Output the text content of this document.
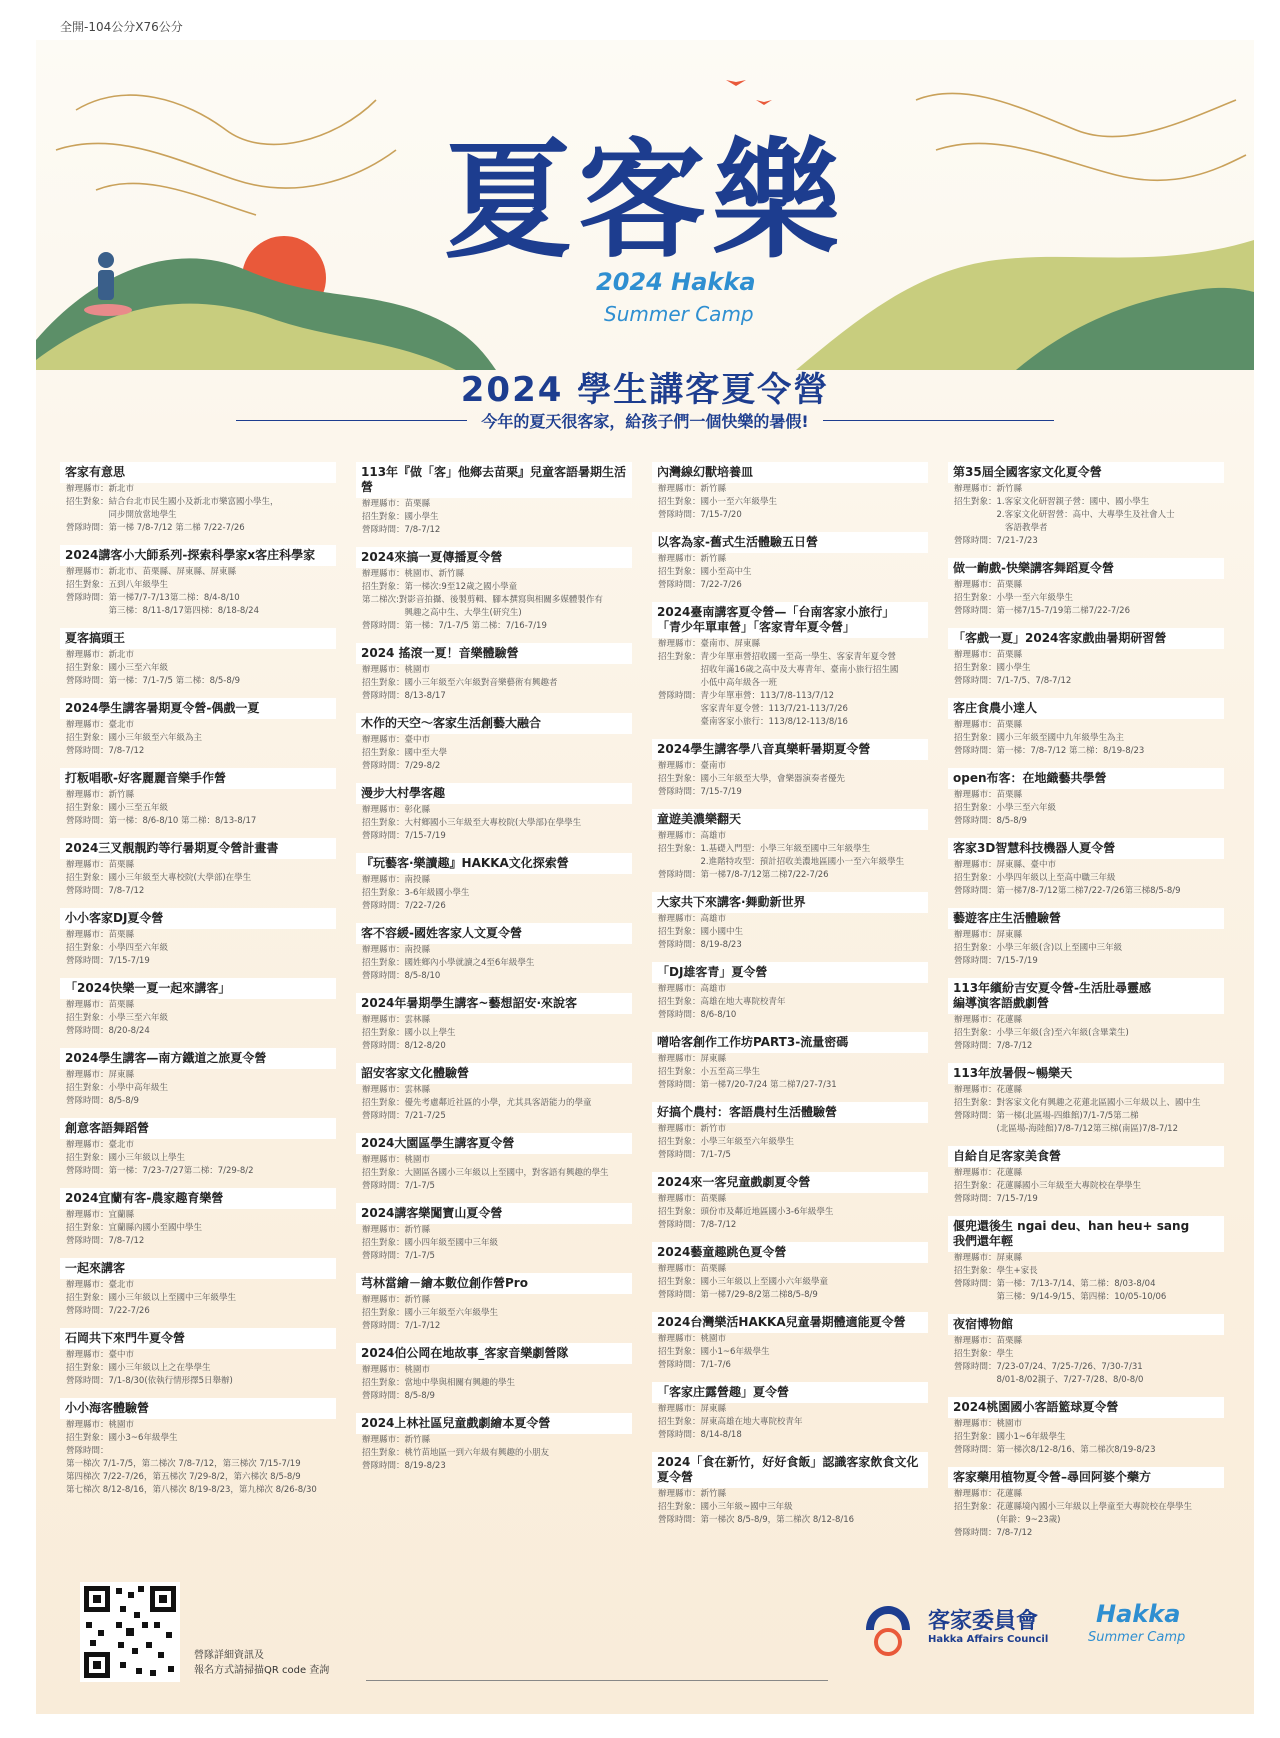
全開-104公分X76公分
夏客樂
2024 Hakka
Summer Camp
2024 學生講客夏令營
今年的夏天很客家，給孩子們一個快樂的暑假!
客家有意思
辦理縣市：新北市
招生對象：結合台北市民生國小及新北市樂富國小學生，
　　　　　同步開放當地學生
營隊時間：第一梯 7/8-7/12 第二梯 7/22-7/26
2024講客小大師系列-探索科學家x客庄科學家
辦理縣市：新北市、苗栗縣、屏東縣、屏東縣
招生對象：五到八年級學生
營隊時間：第一梯7/7-7/13第二梯：8/4-8/10
　　　　　第三梯：8/11-8/17第四梯：8/18-8/24
夏客搞頭王
辦理縣市：新北市
招生對象：國小三至六年級
營隊時間：第一梯：7/1-7/5 第二梯：8/5-8/9
2024學生講客暑期夏令營-偶戲一夏
辦理縣市：臺北市
招生對象：國小三年級至六年級為主
營隊時間：7/8-7/12
打粄唱歌-好客麗麗音樂手作營
辦理縣市：新竹縣
招生對象：國小三至五年級
營隊時間：第一梯：8/6-8/10 第二梯：8/13-8/17
2024三叉靚靚趵等行暑期夏令營計畫書
辦理縣市：苗栗縣
招生對象：國小三年級至大專校院(大學部)在學生
營隊時間：7/8-7/12
小小客家DJ夏令營
辦理縣市：苗栗縣
招生對象：小學四至六年級
營隊時間：7/15-7/19
「2024快樂一夏一起來講客」
辦理縣市：苗栗縣
招生對象：小學三至六年級
營隊時間：8/20-8/24
2024學生講客—南方鐵道之旅夏令營
辦理縣市：屏東縣
招生對象：小學中高年級生
營隊時間：8/5-8/9
創意客語舞蹈營
辦理縣市：臺北市
招生對象：國小三年級以上學生
營隊時間：第一梯：7/23-7/27第二梯：7/29-8/2
2024宜蘭有客-農家趣育樂營
辦理縣市：宜蘭縣
招生對象：宜蘭縣內國小至國中學生
營隊時間：7/8-7/12
一起來講客
辦理縣市：臺北市
招生對象：國小三年級以上至國中三年級學生
營隊時間：7/22-7/26
石岡共下來門牛夏令營
辦理縣市：臺中市
招生對象：國小三年級以上之在學學生
營隊時間：7/1-8/30(依執行情形擇5日舉辦)
小小海客體驗營
辦理縣市：桃園市
招生對象：國小3~6年級學生
營隊時間：
第一梯次 7/1-7/5，第二梯次 7/8-7/12，第三梯次 7/15-7/19
第四梯次 7/22-7/26，第五梯次 7/29-8/2，第六梯次 8/5-8/9
第七梯次 8/12-8/16，第八梯次 8/19-8/23，第九梯次 8/26-8/30
113年『做「客」他鄉去苗栗』兒童客語暑期生活營
辦理縣市：苗栗縣
招生對象：國小學生
營隊時間：7/8-7/12
2024來搞一夏傳播夏令營
辦理縣市：桃園市、新竹縣
招生對象：第一梯次:9至12歲之國小學童
第二梯次:對影音拍攝、後製剪輯、腳本撰寫與相關多媒體製作有
　　　　　興趣之高中生、大學生(研究生)
營隊時間：第一梯：7/1-7/5 第二梯：7/16-7/19
2024 搖滾一夏！音樂體驗營
辦理縣市：桃園市
招生對象：國小三年級至六年級對音樂藝術有興趣者
營隊時間：8/13-8/17
木作的天空～客家生活創藝大融合
辦理縣市：臺中市
招生對象：國中至大學
營隊時間：7/29-8/2
漫步大村學客趣
辦理縣市：彰化縣
招生對象：大村鄉國小三年級至大專校院(大學部)在學學生
營隊時間：7/15-7/19
『玩藝客·樂讀趣』HAKKA文化探索營
辦理縣市：南投縣
招生對象：3-6年級國小學生
營隊時間：7/22-7/26
客不容緩-國姓客家人文夏令營
辦理縣市：南投縣
招生對象：國姓鄉內小學就讀之4至6年級學生
營隊時間：8/5-8/10
2024年暑期學生講客~藝想詔安·來說客
辦理縣市：雲林縣
招生對象：國小以上學生
營隊時間：8/12-8/20
詔安客家文化體驗營
辦理縣市：雲林縣
招生對象：優先考慮鄰近社區的小學，尤其具客語能力的學童
營隊時間：7/21-7/25
2024大園區學生講客夏令營
辦理縣市：桃園市
招生對象：大園區各國小三年級以上至國中，對客語有興趣的學生
營隊時間：7/1-7/5
2024講客樂闖寶山夏令營
辦理縣市：新竹縣
招生對象：國小四年級至國中三年級
營隊時間：7/1-7/5
芎林當繪－繪本數位創作營Pro
辦理縣市：新竹縣
招生對象：國小三年級至六年級學生
營隊時間：7/1-7/12
2024伯公岡在地故事_客家音樂劇營隊
辦理縣市：桃園市
招生對象：當地中學與相關有興趣的學生
營隊時間：8/5-8/9
2024上林社區兒童戲劇繪本夏令營
辦理縣市：新竹縣
招生對象：桃竹苗地區一到六年級有興趣的小朋友
營隊時間：8/19-8/23
內灣線幻獸培養皿
辦理縣市：新竹縣
招生對象：國小一至六年級學生
營隊時間：7/15-7/20
以客為家-舊式生活體驗五日營
辦理縣市：新竹縣
招生對象：國小至高中生
營隊時間：7/22-7/26
2024臺南講客夏令營—「台南客家小旅行」
「青少年單車營」「客家青年夏令營」
辦理縣市：臺南市、屏東縣
招生對象：青少年單車營招收國一至高一學生、客家青年夏令營
　　　　　招收年滿16歲之高中及大專青年、臺南小旅行招生國
　　　　　小低中高年級各一班
營隊時間：青少年單車營：113/7/8-113/7/12
　　　　　客家青年夏令營：113/7/21-113/7/26
　　　　　臺南客家小旅行：113/8/12-113/8/16
2024學生講客學八音真樂軒暑期夏令營
辦理縣市：臺南市
招生對象：國小三年級至大學，會樂器演奏者優先
營隊時間：7/15-7/19
童遊美濃樂翻天
辦理縣市：高雄市
招生對象：1.基礎入門型：小學三年級至國中三年級學生
　　　　　2.進階特攻型：預計招收美濃地區國小一至六年級學生
營隊時間：第一梯7/8-7/12第二梯7/22-7/26
大家共下來講客·舞動新世界
辦理縣市：高雄市
招生對象：國小國中生
營隊時間：8/19-8/23
「DJ雄客青」夏令營
辦理縣市：高雄市
招生對象：高雄在地大專院校青年
營隊時間：8/6-8/10
噌哈客創作工作坊PART3-流量密碼
辦理縣市：屏東縣
招生對象：小五至高三學生
營隊時間：第一梯7/20-7/24 第二梯7/27-7/31
好搞个農村：客語農村生活體驗營
辦理縣市：新竹市
招生對象：小學三年級至六年級學生
營隊時間：7/1-7/5
2024來一客兒童戲劇夏令營
辦理縣市：苗栗縣
招生對象：頭份市及鄰近地區國小3-6年級學生
營隊時間：7/8-7/12
2024藝童趣跳色夏令營
辦理縣市：苗栗縣
招生對象：國小三年級以上至國小六年級學童
營隊時間：第一梯7/29-8/2第二梯8/5-8/9
2024台灣樂活HAKKA兒童暑期體適能夏令營
辦理縣市：桃園市
招生對象：國小1~6年級學生
營隊時間：7/1-7/6
「客家庄露營趣」夏令營
辦理縣市：屏東縣
招生對象：屏東高雄在地大專院校青年
營隊時間：8/14-8/18
2024「食在新竹，好好食飯」認識客家飲食文化夏令營
辦理縣市：新竹縣
招生對象：國小三年級~國中三年級
營隊時間：第一梯次 8/5-8/9，第二梯次 8/12-8/16
第35屆全國客家文化夏令營
辦理縣市：新竹縣
招生對象：1.客家文化研習親子營：國中、國小學生
　　　　　2.客家文化研習營：高中、大專學生及社會人士
　　　　　　客語教學者
營隊時間：7/21-7/23
做一齣戲-快樂講客舞蹈夏令營
辦理縣市：苗栗縣
招生對象：小學一至六年級學生
營隊時間：第一梯7/15-7/19第二梯7/22-7/26
「客戲一夏」2024客家戲曲暑期研習營
辦理縣市：苗栗縣
招生對象：國小學生
營隊時間：7/1-7/5、7/8-7/12
客庄食農小達人
辦理縣市：苗栗縣
招生對象：國小三年級至國中九年級學生為主
營隊時間：第一梯：7/8-7/12 第二梯：8/19-8/23
open布客：在地織藝共學營
辦理縣市：苗栗縣
招生對象：小學三至六年級
營隊時間：8/5-8/9
客家3D智慧科技機器人夏令營
辦理縣市：屏東縣、臺中市
招生對象：小學四年級以上至高中職三年級
營隊時間：第一梯7/8-7/12第二梯7/22-7/26第三梯8/5-8/9
藝遊客庄生活體驗營
辦理縣市：屏東縣
招生對象：小學三年級(含)以上至國中三年級
營隊時間：7/15-7/19
113年繽紛吉安夏令營-生活肚尋靈感
編導演客語戲劇營
辦理縣市：花蓮縣
招生對象：小學三年級(含)至六年級(含畢業生)
營隊時間：7/8-7/12
113年放暑假~暢樂天
辦理縣市：花蓮縣
招生對象：對客家文化有興趣之花蓮北區國小三年級以上、國中生
營隊時間：第一梯(北區場-四維館)7/1-7/5第二梯
　　　　　(北區場-海陸館)7/8-7/12第三梯(南區)7/8-7/12
自給自足客家美食營
辦理縣市：花蓮縣
招生對象：花蓮縣國小三年級至大專院校在學學生
營隊時間：7/15-7/19
偃兜還後生 ngai deu、han heu+ sang
我們還年輕
辦理縣市：屏東縣
招生對象：學生+家長
營隊時間：第一梯：7/13-7/14、第二梯：8/03-8/04
　　　　　第三梯：9/14-9/15、第四梯：10/05-10/06
夜宿博物館
辦理縣市：苗栗縣
招生對象：學生
營隊時間：7/23-07/24、7/25-7/26、7/30-7/31
　　　　　8/01-8/02親子、7/27-7/28、8/0-8/0
2024桃園國小客語籃球夏令營
辦理縣市：桃園市
招生對象：國小1~6年級學生
營隊時間：第一梯次8/12-8/16、第二梯次8/19-8/23
客家藥用植物夏令營–尋回阿婆个藥方
辦理縣市：花蓮縣
招生對象：花蓮縣境內國小三年級以上學童至大專院校在學學生
　　　　　(年齡：9~23歲)
營隊時間：7/8-7/12
營隊詳細資訊及
報名方式請掃描QR code 查詢
客家委員會
Hakka Affairs Council
Hakka
Summer Camp
